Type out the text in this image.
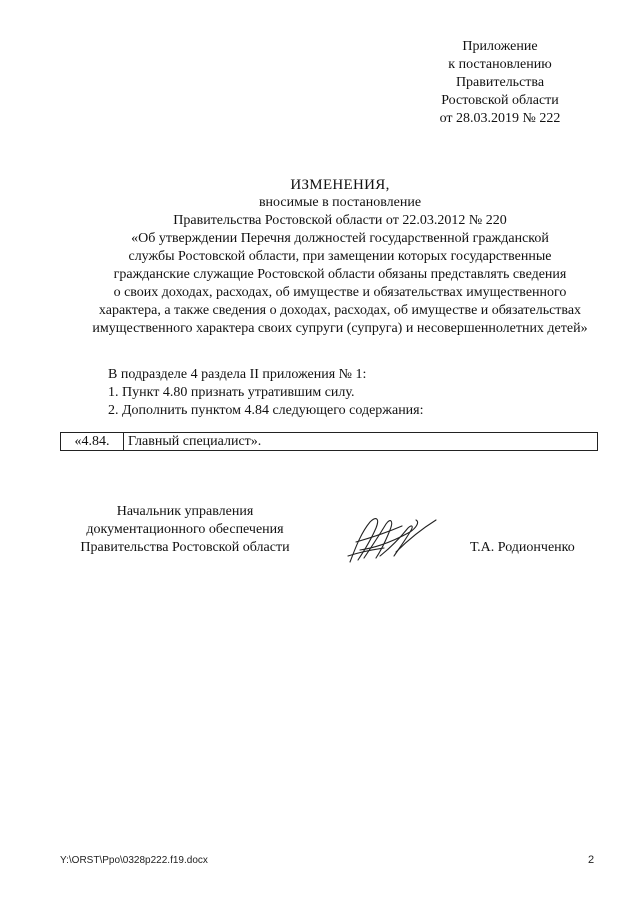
Приложение
к постановлению
Правительства
Ростовской области
от 28.03.2019 № 222
ИЗМЕНЕНИЯ,
вносимые в постановление
Правительства Ростовской области от 22.03.2012 № 220
«Об утверждении Перечня должностей государственной гражданской
службы Ростовской области, при замещении которых государственные
гражданские служащие Ростовской области обязаны представлять сведения
о своих доходах, расходах, об имуществе и обязательствах имущественного
характера, а также сведения о доходах, расходах, об имуществе и обязательствах
имущественного характера своих супруги (супруга) и несовершеннолетних детей»
В подразделе 4 раздела II приложения № 1:
1. Пункт 4.80 признать утратившим силу.
2. Дополнить пунктом 4.84 следующего содержания:
«4.84.	Главный специалист».
Начальник управления
документационного обеспечения
Правительства Ростовской области	Т.А. Родионченко
Y:\ORST\Ppo\0328p222.f19.docx	2
